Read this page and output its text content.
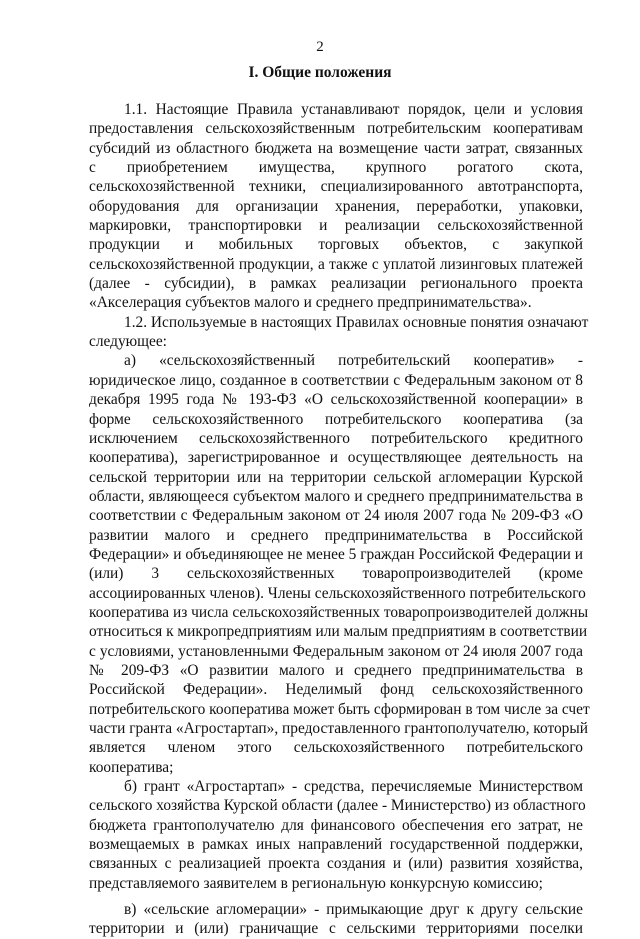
2
I. Общие положения
1.1. Настоящие Правила устанавливают порядок, цели и условия
предоставления сельскохозяйственным потребительским кооперативам
субсидий из областного бюджета на возмещение части затрат, связанных
с приобретением имущества, крупного рогатого скота,
сельскохозяйственной техники, специализированного автотранспорта,
оборудования для организации хранения, переработки, упаковки,
маркировки, транспортировки и реализации сельскохозяйственной
продукции и мобильных торговых объектов, с закупкой
сельскохозяйственной продукции, а также с уплатой лизинговых платежей
(далее - субсидии), в рамках реализации регионального проекта
«Акселерация субъектов малого и среднего предпринимательства».
1.2. Используемые в настоящих Правилах основные понятия означают
следующее:
а) «сельскохозяйственный потребительский кооператив» -
юридическое лицо, созданное в соответствии с Федеральным законом от 8
декабря 1995 года № 193-ФЗ «О сельскохозяйственной кооперации» в
форме сельскохозяйственного потребительского кооператива (за
исключением сельскохозяйственного потребительского кредитного
кооператива), зарегистрированное и осуществляющее деятельность на
сельской территории или на территории сельской агломерации Курской
области, являющееся субъектом малого и среднего предпринимательства в
соответствии с Федеральным законом от 24 июля 2007 года № 209-ФЗ «О
развитии малого и среднего предпринимательства в Российской
Федерации» и объединяющее не менее 5 граждан Российской Федерации и
(или) 3 сельскохозяйственных товаропроизводителей (кроме
ассоциированных членов). Члены сельскохозяйственного потребительского
кооператива из числа сельскохозяйственных товаропроизводителей должны
относиться к микропредприятиям или малым предприятиям в соответствии
с условиями, установленными Федеральным законом от 24 июля 2007 года
№ 209-ФЗ «О развитии малого и среднего предпринимательства в
Российской Федерации». Неделимый фонд сельскохозяйственного
потребительского кооператива может быть сформирован в том числе за счет
части гранта «Агростартап», предоставленного грантополучателю, который
является членом этого сельскохозяйственного потребительского
кооператива;
б) грант «Агростартап» - средства, перечисляемые Министерством
сельского хозяйства Курской области (далее - Министерство) из областного
бюджета грантополучателю для финансового обеспечения его затрат, не
возмещаемых в рамках иных направлений государственной поддержки,
связанных с реализацией проекта создания и (или) развития хозяйства,
представляемого заявителем в региональную конкурсную комиссию;
в) «сельские агломерации» - примыкающие друг к другу сельские
территории и (или) граничащие с сельскими территориями поселки
